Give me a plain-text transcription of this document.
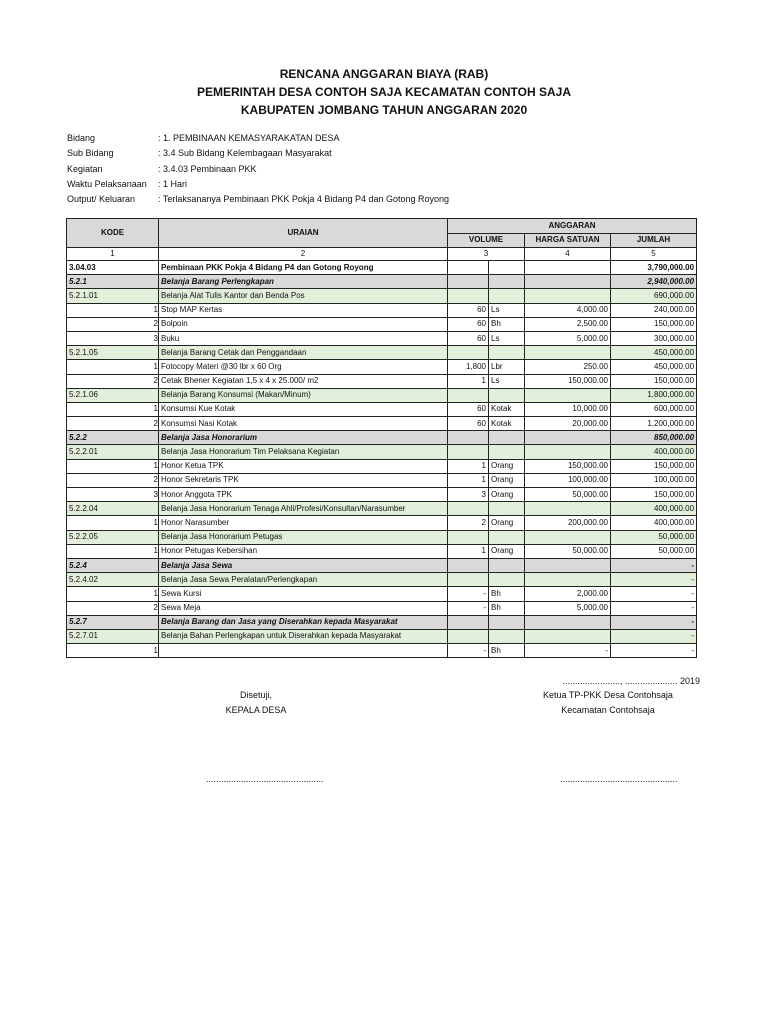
RENCANA ANGGARAN BIAYA (RAB)
PEMERINTAH DESA CONTOH SAJA KECAMATAN CONTOH SAJA
KABUPATEN JOMBANG TAHUN ANGGARAN 2020
Bidang	: 1. PEMBINAAN KEMASYARAKATAN DESA
Sub Bidang	: 3.4 Sub Bidang Kelembagaan Masyarakat
Kegiatan	: 3.4.03 Pembinaan PKK
Waktu Pelaksanaan	: 1 Hari
Output/ Keluaran	: Terlaksananya Pembinaan PKK Pokja 4 Bidang P4 dan Gotong Royong
KODE		URAIAN	ANGGARAN			
			VOLUME		HARGA SATUAN	JUMLAH
1		2	3		4	5
3.04.03		Pembinaan PKK Pokja 4 Bidang P4 dan Gotong Royong				3,790,000.00
5.2.1		Belanja Barang Perlengkapan				2,940,000.00
5.2.1.01		Belanja Alat Tulis Kantor dan Benda Pos				690,000.00
	1	Stop MAP Kertas	60	Ls	4,000.00	240,000.00
	2	Bolpoin	60	Bh	2,500.00	150,000.00
	3	Buku	60	Ls	5,000.00	300,000.00
5.2.1.05		Belanja Barang Cetak dan Penggandaan				450,000.00
	1	Fotocopy Materi @30 lbr x 60 Org	1,800	Lbr	250.00	450,000.00
	2	Cetak Bhener Kegiatan 1,5 x 4 x 25.000/ m2	1	Ls	150,000.00	150,000.00
5.2.1.06		Belanja Barang Konsumsi (Makan/Minum)				1,800,000.00
	1	Konsumsi Kue Kotak	60	Kotak	10,000.00	600,000.00
	2	Konsumsi Nasi Kotak	60	Kotak	20,000.00	1,200,000.00
5.2.2		Belanja Jasa Honorarium				850,000.00
5.2.2.01		Belanja Jasa Honorarium Tim Pelaksana Kegiatan				400,000.00
	1	Honor Ketua TPK	1	Orang	150,000.00	150,000.00
	2	Honor Sekretaris TPK	1	Orang	100,000.00	100,000.00
	3	Honor Anggota TPK	3	Orang	50,000.00	150,000.00
5.2.2.04		Belanja Jasa Honorarium Tenaga Ahli/Profesi/Konsultan/Narasumber				400,000.00
	1	Honor Narasumber	2	Orang	200,000.00	400,000.00
5.2.2.05		Belanja Jasa Honorarium Petugas				50,000.00
	1	Honor Petugas Kebersihan	1	Orang	50,000.00	50,000.00
5.2.4		Belanja Jasa Sewa				-
5.2.4.02		Belanja Jasa Sewa Peralatan/Perlengkapan				-
	1	Sewa Kursi	-	Bh	2,000.00	-
	2	Sewa Meja	-	Bh	5,000.00	-
5.2.7		Belanja Barang dan Jasa yang Diserahkan kepada Masyarakat				-
5.2.7.01		Belanja Bahan Perlengkapan untuk Diserahkan kepada Masyarakat				-
	1		-	Bh	-	-
......................., ..................... 2019
Disetuji,
KEPALA DESA
Ketua TP-PKK Desa Contohsaja
Kecamatan Contohsaja
...............................................	...............................................
